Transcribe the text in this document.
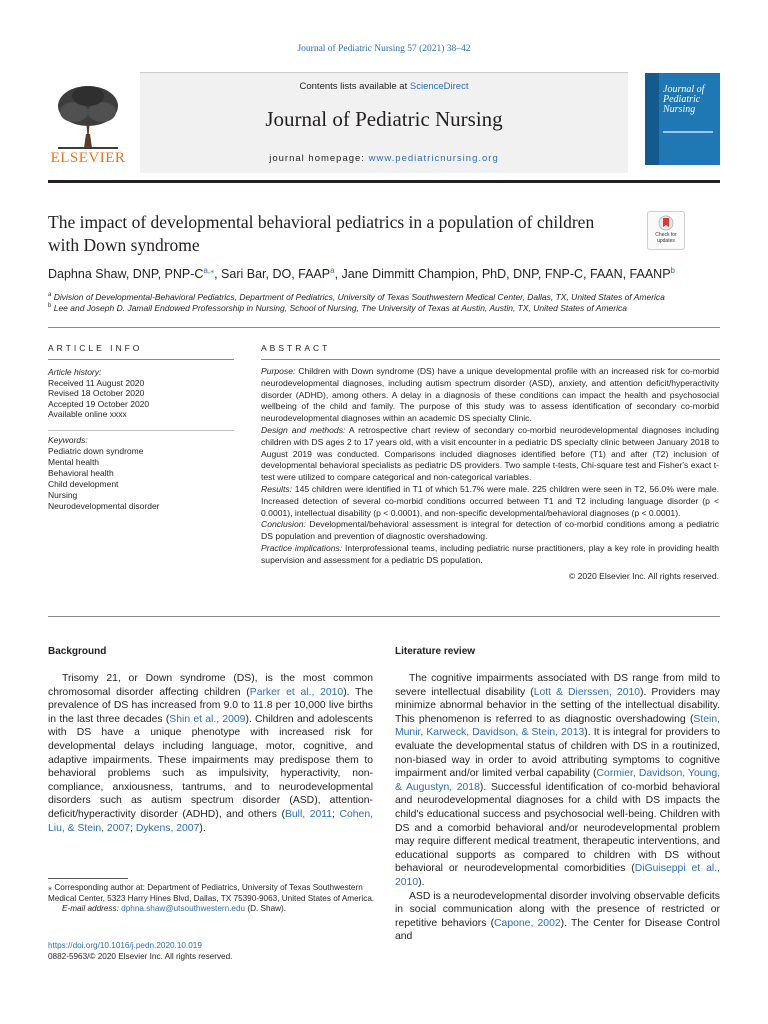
Journal of Pediatric Nursing 57 (2021) 38–42
ELSEVIER
Contents lists available at ScienceDirect
Journal of Pediatric Nursing
journal homepage: www.pediatricnursing.org
Journal of Pediatric Nursing
The impact of developmental behavioral pediatrics in a population of children with Down syndrome	Check for updates
Daphna Shaw, DNP, PNP-$C^{a,⁎}$, Sari Bar, DO, FAAP$^a$, Jane Dimmitt Champion, PhD, DNP, FNP-C, FAAN, FAANP$^b$
$^a$ Division of Developmental-Behavioral Pediatrics, Department of Pediatrics, University of Texas Southwestern Medical Center, Dallas, TX, United States of America
$^b$ Lee and Joseph D. Jamail Endowed Professorship in Nursing, School of Nursing, The University of Texas at Austin, Austin, TX, United States of America
ARTICLE INFO
Article history:
Received 11 August 2020
Revised 18 October 2020
Accepted 19 October 2020
Available online xxxx
Keywords:
Pediatric down syndrome
Mental health
Behavioral health
Child development
Nursing
Neurodevelopmental disorder
ABSTRACT

Purpose: Children with Down syndrome (DS) have a unique developmental profile with an increased risk for co-morbid neurodevelopmental diagnoses, including autism spectrum disorder (ASD), anxiety, and attention deficit/hyperactivity disorder (ADHD), among others. A delay in a diagnosis of these conditions can impact the health and psychosocial wellbeing of the child and family. The purpose of this study was to assess identification of secondary co-morbid neurodevelopmental diagnoses within an academic DS specialty Clinic.

Design and methods: A retrospective chart review of secondary co-morbid neurodevelopmental diagnoses including children with DS ages 2 to 17 years old, with a visit encounter in a pediatric DS specialty clinic between January 2018 to August 2019 was conducted. Comparisons included diagnoses identified before (T1) and after (T2) inclusion of developmental behavioral specialists as pediatric DS providers. Two sample t-tests, Chi-square test and Fisher's exact t-test were utilized to compare categorical and non-categorical variables.

Results: 145 children were identified in T1 of which 51.7% were male. 225 children were seen in T2, 56.0% were male. Increased detection of several co-morbid conditions occurred between T1 and T2 including language disorder (p < 0.0001), intellectual disability (p < 0.0001), and non-specific developmental/behavioral diagnoses (p < 0.0001).

Conclusion: Developmental/behavioral assessment is integral for detection of co-morbid conditions among a pediatric DS population and prevention of diagnostic overshadowing.

Practice implications: Interprofessional teams, including pediatric nurse practitioners, play a key role in providing health supervision and assessment for a pediatric DS population.

© 2020 Elsevier Inc. All rights reserved.

Background

Trisomy 21, or Down syndrome (DS), is the most common chromosomal disorder affecting children (Parker et al., 2010). The prevalence of DS has increased from 9.0 to 11.8 per 10,000 live births in the last three decades (Shin et al., 2009). Children and adolescents with DS have a unique phenotype with increased risk for developmental delays including language, motor, cognitive, and adaptive impairments. These impairments may predispose them to behavioral problems such as impulsivity, hyperactivity, non-compliance, anxiousness, tantrums, and to neurodevelopmental disorders such as autism spectrum disorder (ASD), attention-deficit/hyperactivity disorder (ADHD), and others (Bull, 2011; Cohen, Liu, & Stein, 2007; Dykens, 2007).

Literature review

The cognitive impairments associated with DS range from mild to severe intellectual disability (Lott & Dierssen, 2010). Providers may minimize abnormal behavior in the setting of the intellectual disability. This phenomenon is referred to as diagnostic overshadowing (Stein, Munir, Karweck, Davidson, & Stein, 2013). It is integral for providers to evaluate the developmental status of children with DS in a routinized, non-biased way in order to avoid attributing symptoms to cognitive impairment and/or limited verbal capability (Cormier, Davidson, Young, & Augustyn, 2018). Successful identification of co-morbid behavioral and neurodevelopmental diagnoses for a child with DS impacts the child's educational success and psychosocial well-being. Children with DS and a comorbid behavioral and/or neurodevelopmental problem may require different medical treatment, therapeutic interventions, and educational supports as compared to children with DS without behavioral or neurodevelopmental comorbidities (DiGuiseppi et al., 2010).

ASD is a neurodevelopmental disorder involving observable deficits in social communication along with the presence of restricted or repetitive behaviors (Capone, 2002). The Center for Disease Control and

⁎ Corresponding author at: Department of Pediatrics, University of Texas Southwestern Medical Center, 5323 Harry Hines Blvd, Dallas, TX 75390-9063, United States of America.
E-mail address: dphna.shaw@utsouthwestern.edu (D. Shaw).
https://doi.org/10.1016/j.pedn.2020.10.019
0882-5963/© 2020 Elsevier Inc. All rights reserved.
